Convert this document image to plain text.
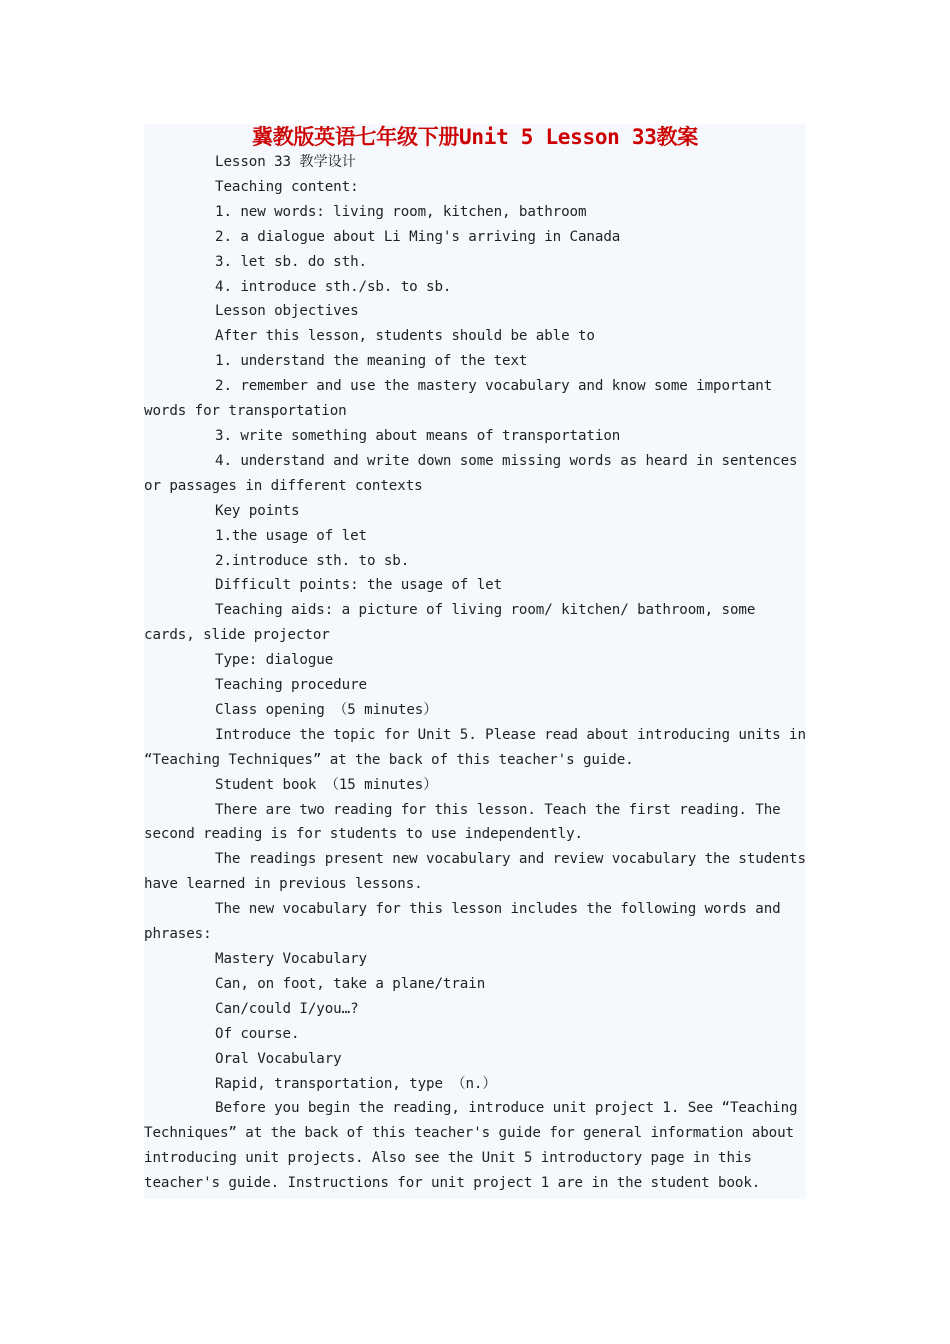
冀教版英语七年级下册Unit 5 Lesson 33教案

Lesson 33 教学设计

Teaching content:

1. new words: living room, kitchen, bathroom

2. a dialogue about Li Ming's arriving in Canada

3. let sb. do sth.

4. introduce sth./sb. to sb.

Lesson objectives

After this lesson, students should be able to

1. understand the meaning of the text

2. remember and use the mastery vocabulary and know some important words for transportation

3. write something about means of transportation

4. understand and write down some missing words as heard in sentences or passages in different contexts

Key points

1.the usage of let

2.introduce sth. to sb.

Difficult points: the usage of let

Teaching aids: a picture of living room/ kitchen/ bathroom, some cards, slide projector

Type: dialogue

Teaching procedure

Class opening （5 minutes）

Introduce the topic for Unit 5. Please read about introducing units in “Teaching Techniques” at the back of this teacher's guide.

Student book （15 minutes）

There are two reading for this lesson. Teach the first reading. The second reading is for students to use independently.

The readings present new vocabulary and review vocabulary the students have learned in previous lessons.

The new vocabulary for this lesson includes the following words and phrases:

Mastery Vocabulary

Can, on foot, take a plane/train

Can/could I/you…?

Of course.

Oral Vocabulary

Rapid, transportation, type （n.）

Before you begin the reading, introduce unit project 1. See “Teaching Techniques” at the back of this teacher's guide for general information about introducing unit projects. Also see the Unit 5 introductory page in this teacher's guide. Instructions for unit project 1 are in the student book.
